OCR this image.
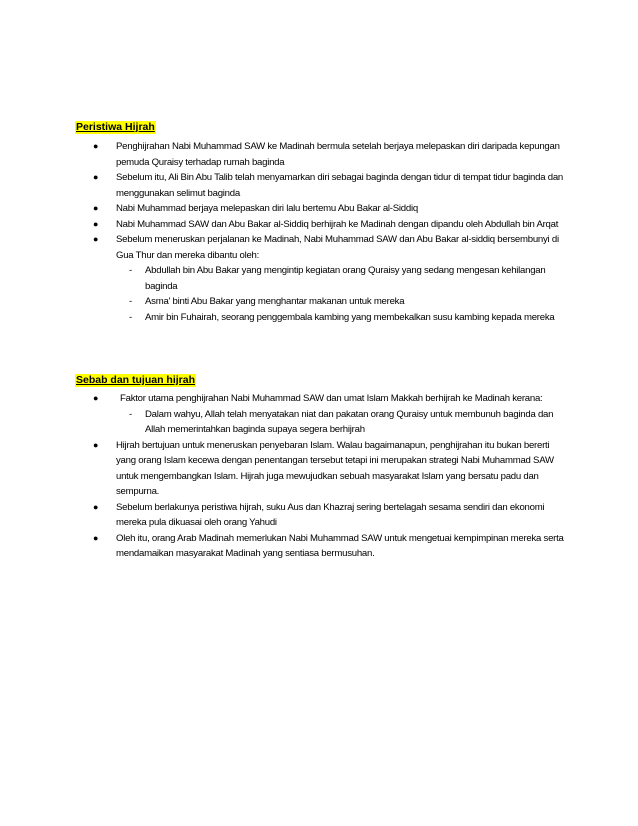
Peristiwa Hijrah
●	Penghijrahan Nabi Muhammad SAW ke Madinah bermula setelah berjaya melepaskan diri daripada kepungan pemuda Quraisy terhadap rumah baginda
●	Sebelum itu, Ali Bin Abu Talib telah menyamarkan diri sebagai baginda dengan tidur di tempat tidur baginda dan menggunakan selimut baginda
●	Nabi Muhammad berjaya melepaskan diri lalu bertemu Abu Bakar al-Siddiq
●	Nabi Muhammad SAW dan Abu Bakar al-Siddiq berhijrah ke Madinah dengan dipandu oleh Abdullah bin Arqat
●	Sebelum meneruskan perjalanan ke Madinah, Nabi Muhammad SAW dan Abu Bakar al-siddiq bersembunyi di Gua Thur dan mereka dibantu oleh:
-	Abdullah bin Abu Bakar yang mengintip kegiatan orang Quraisy yang sedang mengesan kehilangan baginda
-	Asma' binti Abu Bakar yang menghantar makanan untuk mereka
-	Amir bin Fuhairah, seorang penggembala kambing yang membekalkan susu kambing kepada mereka
Sebab dan tujuan hijrah
●	Faktor utama penghijrahan Nabi Muhammad SAW dan umat Islam Makkah berhijrah ke Madinah kerana:
-	Dalam wahyu, Allah telah menyatakan niat dan pakatan orang Quraisy untuk membunuh baginda dan Allah memerintahkan baginda supaya segera berhijrah
●	Hijrah bertujuan untuk meneruskan penyebaran Islam. Walau bagaimanapun, penghijrahan itu bukan bererti yang orang Islam kecewa dengan penentangan tersebut tetapi ini merupakan strategi Nabi Muhammad SAW untuk mengembangkan Islam. Hijrah juga mewujudkan sebuah masyarakat Islam yang bersatu padu dan sempurna.
●	Sebelum berlakunya peristiwa hijrah, suku Aus dan Khazraj sering bertelagah sesama sendiri dan ekonomi mereka pula dikuasai oleh orang Yahudi
●	Oleh itu, orang Arab Madinah memerlukan Nabi Muhammad SAW untuk mengetuai kempimpinan mereka serta mendamaikan masyarakat Madinah yang sentiasa bermusuhan.
